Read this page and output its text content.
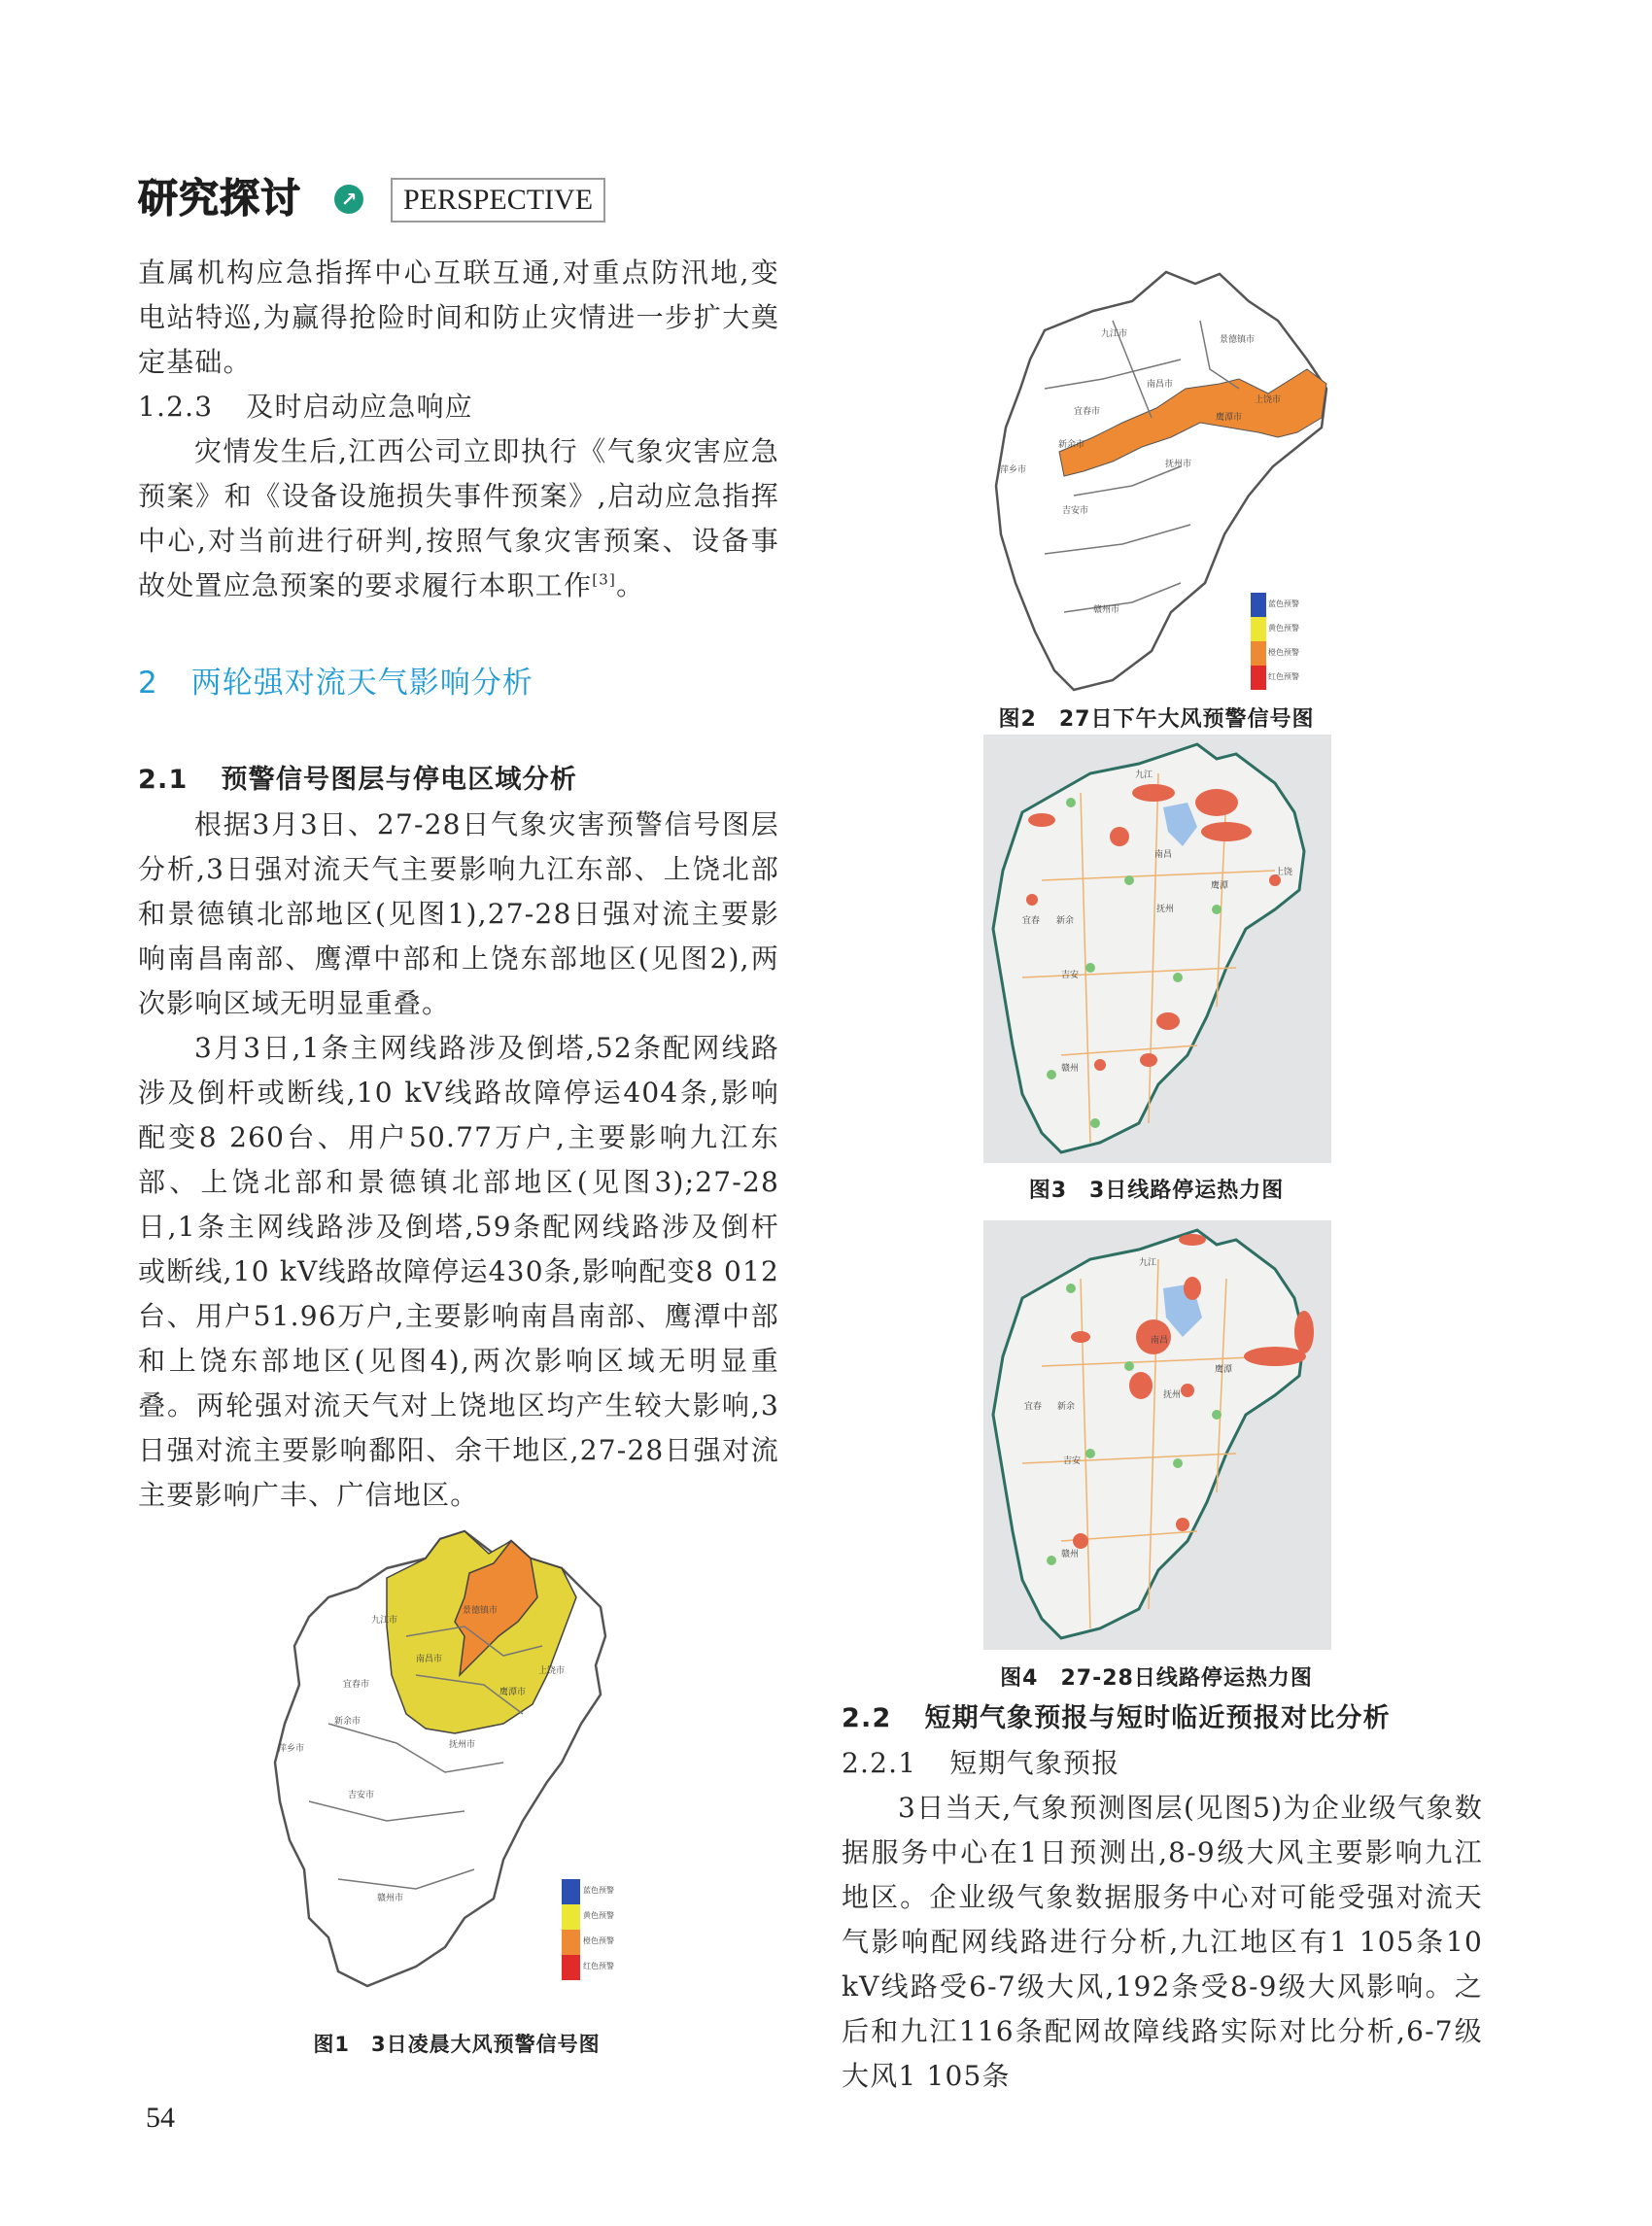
研究探讨	↗	PERSPECTIVE

直属机构应急指挥中心互联互通,对重点防汛地,变电站特巡,为赢得抢险时间和防止灾情进一步扩大奠定基础。

1.2.3 及时启动应急响应

灾情发生后,江西公司立即执行《气象灾害应急预案》和《设备设施损失事件预案》,启动应急指挥中心,对当前进行研判,按照气象灾害预案、设备事故处置应急预案的要求履行本职工作[3]。

2 两轮强对流天气影响分析
2.1 预警信号图层与停电区域分析

根据3月3日、27-28日气象灾害预警信号图层分析,3日强对流天气主要影响九江东部、上饶北部和景德镇北部地区(见图1),27-28日强对流主要影响南昌南部、鹰潭中部和上饶东部地区(见图2),两次影响区域无明显重叠。

3月3日,1条主网线路涉及倒塔,52条配网线路涉及倒杆或断线,10 kV线路故障停运404条,影响配变8 260台、用户50.77万户,主要影响九江东部、上饶北部和景德镇北部地区(见图3);27-28日,1条主网线路涉及倒塔,59条配网线路涉及倒杆或断线,10 kV线路故障停运430条,影响配变8 012台、用户51.96万户,主要影响南昌南部、鹰潭中部和上饶东部地区(见图4),两次影响区域无明显重叠。两轮强对流天气对上饶地区均产生较大影响,3日强对流主要影响鄱阳、余干地区,27-28日强对流主要影响广丰、广信地区。

九江市
景德镇市
南昌市
上饶市
宜春市
鹰潭市
新余市
抚州市
萍乡市
吉安市
赣州市
蓝色预警
黄色预警
橙色预警
红色预警
图1　3日凌晨大风预警信号图
九江市
景德镇市
南昌市
上饶市
宜春市
鹰潭市
新余市
抚州市
萍乡市
吉安市
赣州市
蓝色预警
黄色预警
橙色预警
红色预警
图2　27日下午大风预警信号图
九江
南昌
上饶
鹰潭
抚州
宜春 新余
吉安
赣州
图3　3日线路停运热力图
九江
南昌
鹰潭
抚州
宜春 新余
吉安
赣州
图4　27-28日线路停运热力图
2.2 短期气象预报与短时临近预报对比分析
2.2.1 短期气象预报

3日当天,气象预测图层(见图5)为企业级气象数据服务中心在1日预测出,8-9级大风主要影响九江地区。企业级气象数据服务中心对可能受强对流天气影响配网线路进行分析,九江地区有1 105条10 kV线路受6-7级大风,192条受8-9级大风影响。之后和九江116条配网故障线路实际对比分析,6-7级大风1 105条

54
